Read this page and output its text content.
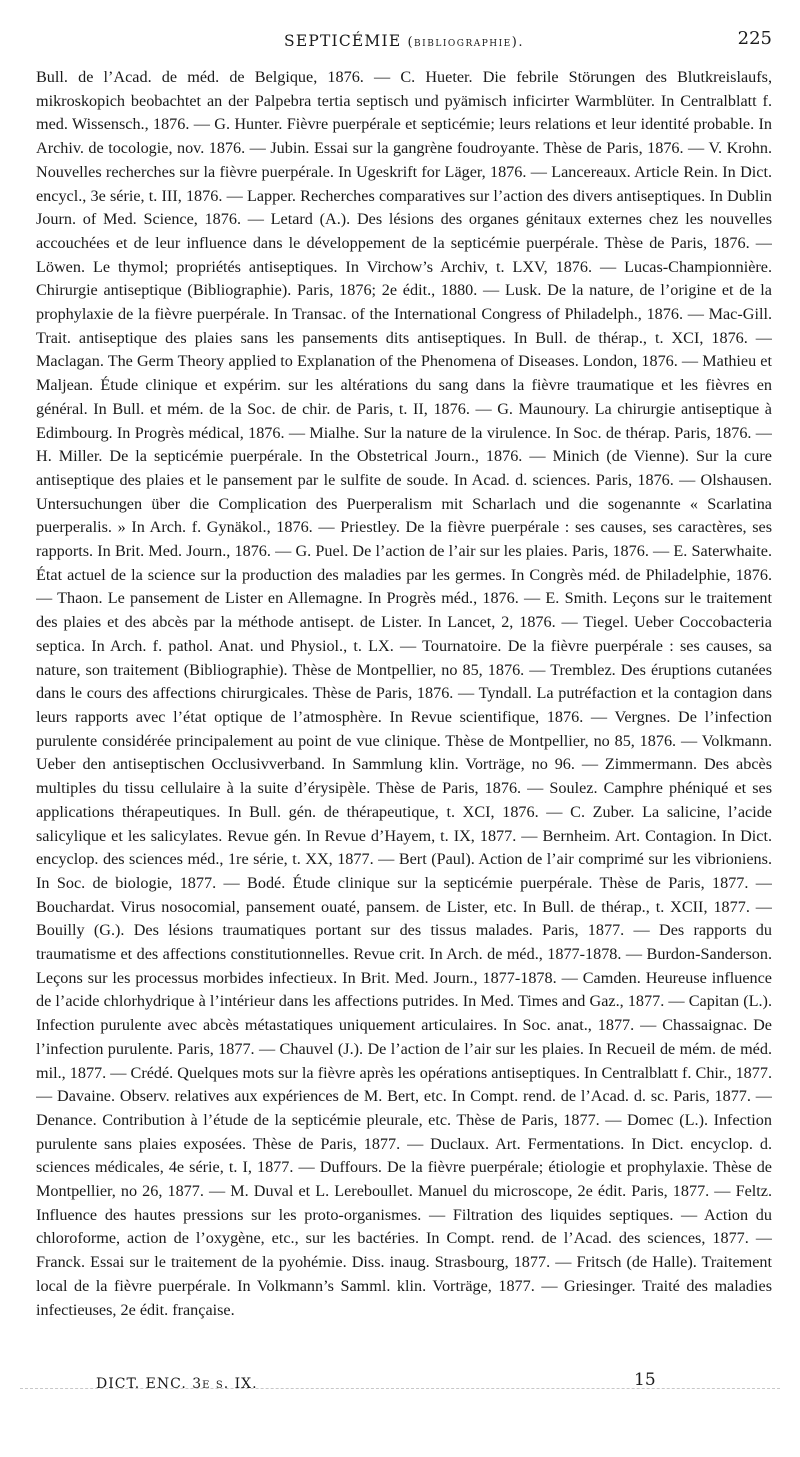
SEPTICÉMIE (bibliographie).	225

Bull. de l’Acad. de méd. de Belgique, 1876. — C. Hueter. Die febrile Störungen des Blutkreislaufs, mikroskopich beobachtet an der Palpebra tertia septisch und pyämisch inficirter Warmblüter. In Centralblatt f. med. Wissensch., 1876. — G. Hunter. Fièvre puerpérale et septicémie; leurs relations et leur identité probable. In Archiv. de tocologie, nov. 1876. — Jubin. Essai sur la gangrène foudroyante. Thèse de Paris, 1876. — V. Krohn. Nouvelles recherches sur la fièvre puerpérale. In Ugeskrift for Läger, 1876. — Lancereaux. Article Rein. In Dict. encycl., 3e série, t. III, 1876. — Lapper. Recherches comparatives sur l’action des divers antiseptiques. In Dublin Journ. of Med. Science, 1876. — Letard (A.). Des lésions des organes génitaux externes chez les nouvelles accouchées et de leur influence dans le développement de la septicémie puerpérale. Thèse de Paris, 1876. — Löwen. Le thymol; propriétés antiseptiques. In Virchow’s Archiv, t. LXV, 1876. — Lucas-Championnière. Chirurgie antiseptique (Bibliographie). Paris, 1876; 2e édit., 1880. — Lusk. De la nature, de l’origine et de la prophylaxie de la fièvre puerpérale. In Transac. of the International Congress of Philadelph., 1876. — Mac-Gill. Trait. antiseptique des plaies sans les pansements dits antiseptiques. In Bull. de thérap., t. XCI, 1876. — Maclagan. The Germ Theory applied to Explanation of the Phenomena of Diseases. London, 1876. — Mathieu et Maljean. Étude clinique et expérim. sur les altérations du sang dans la fièvre traumatique et les fièvres en général. In Bull. et mém. de la Soc. de chir. de Paris, t. II, 1876. — G. Maunoury. La chirurgie antiseptique à Edimbourg. In Progrès médical, 1876. — Mialhe. Sur la nature de la virulence. In Soc. de thérap. Paris, 1876. — H. Miller. De la septicémie puerpérale. In the Obstetrical Journ., 1876. — Minich (de Vienne). Sur la cure antiseptique des plaies et le pansement par le sulfite de soude. In Acad. d. sciences. Paris, 1876. — Olshausen. Untersuchungen über die Complication des Puerperalism mit Scharlach und die sogenannte « Scarlatina puerperalis. » In Arch. f. Gynäkol., 1876. — Priestley. De la fièvre puerpérale : ses causes, ses caractères, ses rapports. In Brit. Med. Journ., 1876. — G. Puel. De l’action de l’air sur les plaies. Paris, 1876. — E. Saterwhaite. État actuel de la science sur la production des maladies par les germes. In Congrès méd. de Philadelphie, 1876. — Thaon. Le pansement de Lister en Allemagne. In Progrès méd., 1876. — E. Smith. Leçons sur le traitement des plaies et des abcès par la méthode antisept. de Lister. In Lancet, 2, 1876. — Tiegel. Ueber Coccobacteria septica. In Arch. f. pathol. Anat. und Physiol., t. LX. — Tournatoire. De la fièvre puerpérale : ses causes, sa nature, son traitement (Bibliographie). Thèse de Montpellier, no 85, 1876. — Tremblez. Des éruptions cutanées dans le cours des affections chirurgicales. Thèse de Paris, 1876. — Tyndall. La putréfaction et la contagion dans leurs rapports avec l’état optique de l’atmosphère. In Revue scientifique, 1876. — Vergnes. De l’infection purulente considérée principalement au point de vue clinique. Thèse de Montpellier, no 85, 1876. — Volkmann. Ueber den antiseptischen Occlusivverband. In Sammlung klin. Vorträge, no 96. — Zimmermann. Des abcès multiples du tissu cellulaire à la suite d’érysipèle. Thèse de Paris, 1876. — Soulez. Camphre phéniqué et ses applications thérapeutiques. In Bull. gén. de thérapeutique, t. XCI, 1876. — C. Zuber. La salicine, l’acide salicylique et les salicylates. Revue gén. In Revue d’Hayem, t. IX, 1877. — Bernheim. Art. Contagion. In Dict. encyclop. des sciences méd., 1re série, t. XX, 1877. — Bert (Paul). Action de l’air comprimé sur les vibrioniens. In Soc. de biologie, 1877. — Bodé. Étude clinique sur la septicémie puerpérale. Thèse de Paris, 1877. — Bouchardat. Virus nosocomial, pansement ouaté, pansem. de Lister, etc. In Bull. de thérap., t. XCII, 1877. — Bouilly (G.). Des lésions traumatiques portant sur des tissus malades. Paris, 1877. — Des rapports du traumatisme et des affections constitutionnelles. Revue crit. In Arch. de méd., 1877-1878. — Burdon-Sanderson. Leçons sur les processus morbides infectieux. In Brit. Med. Journ., 1877-1878. — Camden. Heureuse influence de l’acide chlorhydrique à l’intérieur dans les affections putrides. In Med. Times and Gaz., 1877. — Capitan (L.). Infection purulente avec abcès métastatiques uniquement articulaires. In Soc. anat., 1877. — Chassaignac. De l’infection purulente. Paris, 1877. — Chauvel (J.). De l’action de l’air sur les plaies. In Recueil de mém. de méd. mil., 1877. — Crédé. Quelques mots sur la fièvre après les opérations antiseptiques. In Centralblatt f. Chir., 1877. — Davaine. Observ. relatives aux expériences de M. Bert, etc. In Compt. rend. de l’Acad. d. sc. Paris, 1877. — Denance. Contribution à l’étude de la septicémie pleurale, etc. Thèse de Paris, 1877. — Domec (L.). Infection purulente sans plaies exposées. Thèse de Paris, 1877. — Duclaux. Art. Fermentations. In Dict. encyclop. d. sciences médicales, 4e série, t. I, 1877. — Duffours. De la fièvre puerpérale; étiologie et prophylaxie. Thèse de Montpellier, no 26, 1877. — M. Duval et L. Lereboullet. Manuel du microscope, 2e édit. Paris, 1877. — Feltz. Influence des hautes pressions sur les proto-organismes. — Filtration des liquides septiques. — Action du chloroforme, action de l’oxygène, etc., sur les bactéries. In Compt. rend. de l’Acad. des sciences, 1877. — Franck. Essai sur le traitement de la pyohémie. Diss. inaug. Strasbourg, 1877. — Fritsch (de Halle). Traitement local de la fièvre puerpérale. In Volkmann’s Samml. klin. Vorträge, 1877. — Griesinger. Traité des maladies infectieuses, 2e édit. française.

DICT. ENC. 3e s. IX.	15
